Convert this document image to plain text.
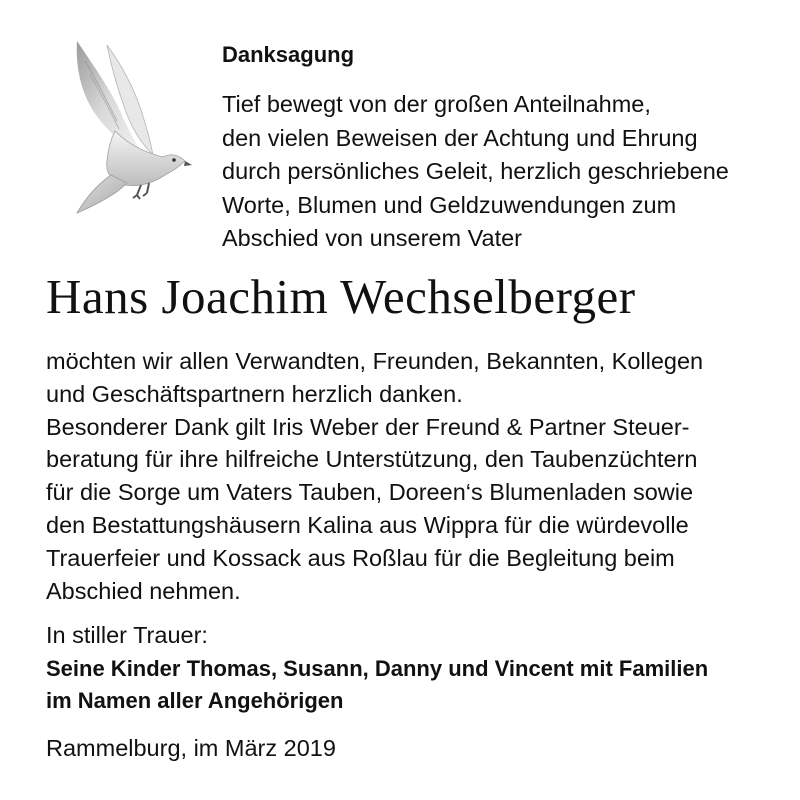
Danksagung
Tief bewegt von der großen Anteilnahme,
den vielen Beweisen der Achtung und Ehrung
durch persönliches Geleit, herzlich geschriebene
Worte, Blumen und Geldzuwendungen zum
Abschied von unserem Vater
Hans Joachim Wechselberger
möchten wir allen Verwandten, Freunden, Bekannten, Kollegen
und Geschäftspartnern herzlich danken.
Besonderer Dank gilt Iris Weber der Freund & Partner Steuer-
beratung für ihre hilfreiche Unterstützung, den Taubenzüchtern
für die Sorge um Vaters Tauben, Doreen‘s Blumenladen sowie
den Bestattungshäusern Kalina aus Wippra für die würdevolle
Trauerfeier und Kossack aus Roßlau für die Begleitung beim
Abschied nehmen.
In stiller Trauer:
Seine Kinder Thomas, Susann, Danny und Vincent mit Familien
im Namen aller Angehörigen
Rammelburg, im März 2019
